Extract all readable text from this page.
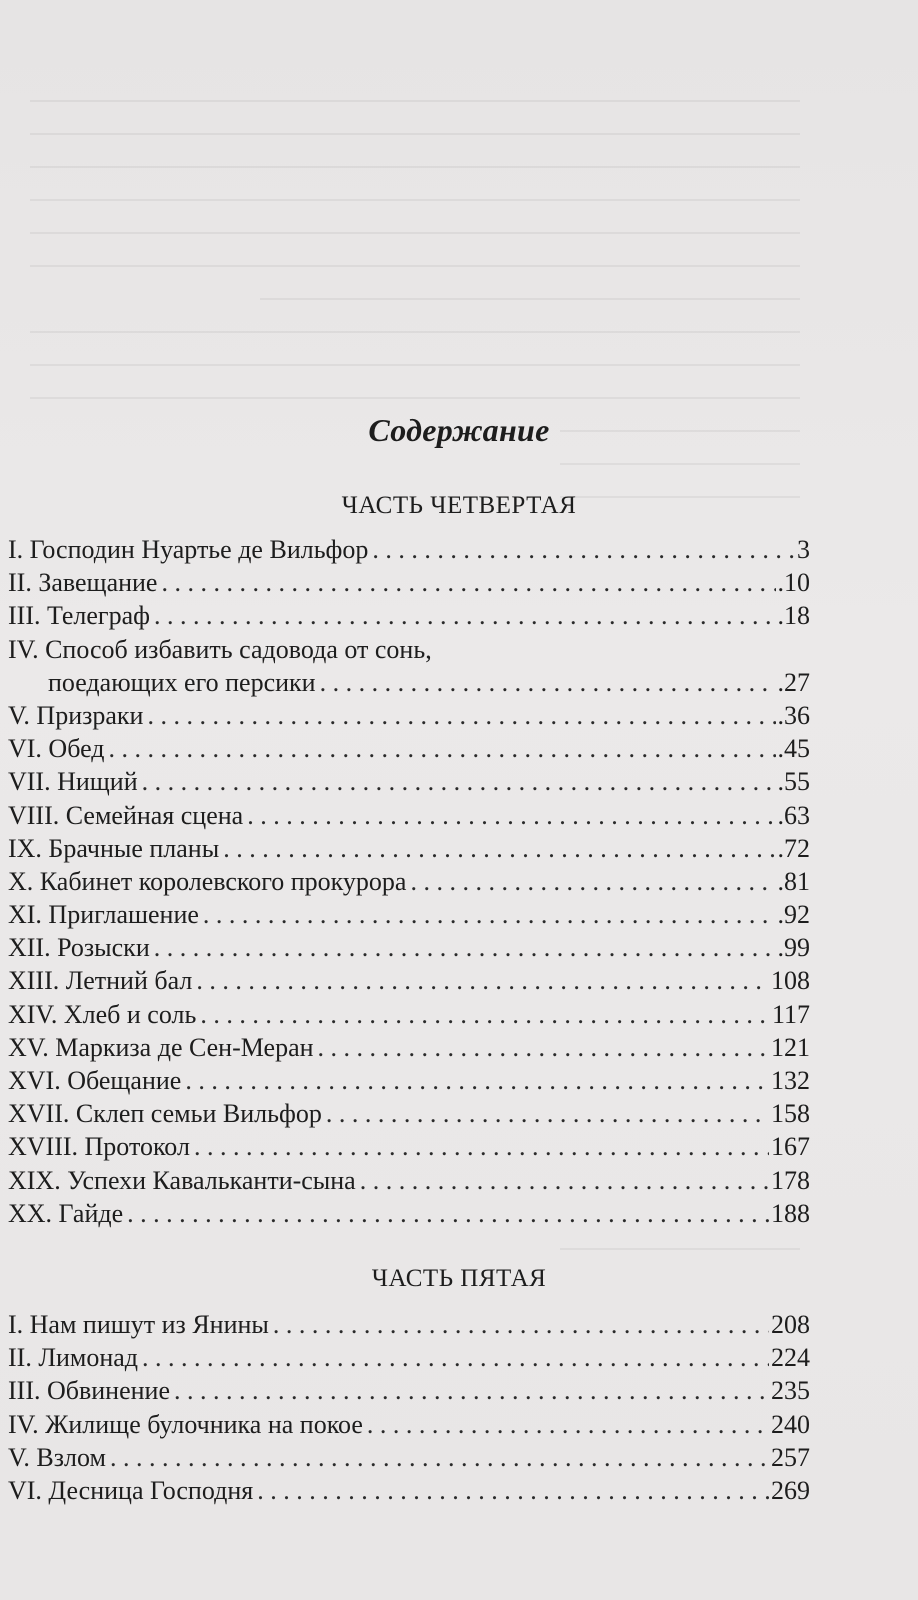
Содержание
ЧАСТЬ ЧЕТВЕРТАЯ
I. Господин Нуартье де Вильфор . . .	3
II. Завещание . . .	.10
III. Телеграф . . .	.18
IV. Способ избавить садовода от сонь,
поедающих его персики . . .	.27
V. Призраки . . .	.36
VI. Обед . . .	.45
VII. Нищий . . .	.55
VIII. Семейная сцена . . .	.63
IX. Брачные планы . . .	.72
X. Кабинет королевского прокурора . . .	.81
XI. Приглашение . . .	.92
XII. Розыски . . .	.99
XIII. Летний бал . . .	108
XIV. Хлеб и соль . . .	117
XV. Маркиза де Сен-Меран . . .	121
XVI. Обещание . . .	132
XVII. Склеп семьи Вильфор . . .	158
XVIII. Протокол . . .	167
XIX. Успехи Кавальканти-сына . . .	178
XX. Гайде . . .	188
ЧАСТЬ ПЯТАЯ
I. Нам пишут из Янины . . .	208
II. Лимонад . . .	224
III. Обвинение . . .	235
IV. Жилище булочника на покое . . .	240
V. Взлом . . .	257
VI. Десница Господня . . .	269
